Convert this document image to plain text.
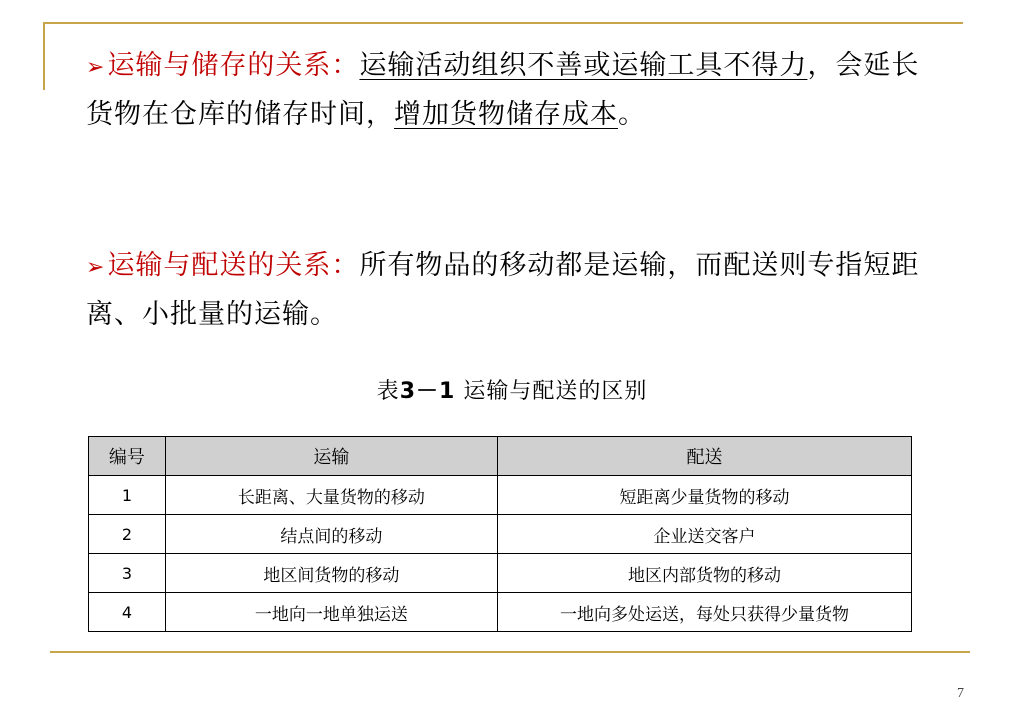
➢运输与储存的关系：运输活动组织不善或运输工具不得力，会延长货物在仓库的储存时间，增加货物储存成本。
➢运输与配送的关系：所有物品的移动都是运输，而配送则专指短距离、小批量的运输。
表3－1 运输与配送的区别
编号	运输	配送
1	长距离、大量货物的移动	短距离少量货物的移动
2	结点间的移动	企业送交客户
3	地区间货物的移动	地区内部货物的移动
4	一地向一地单独运送	一地向多处运送，每处只获得少量货物
7
